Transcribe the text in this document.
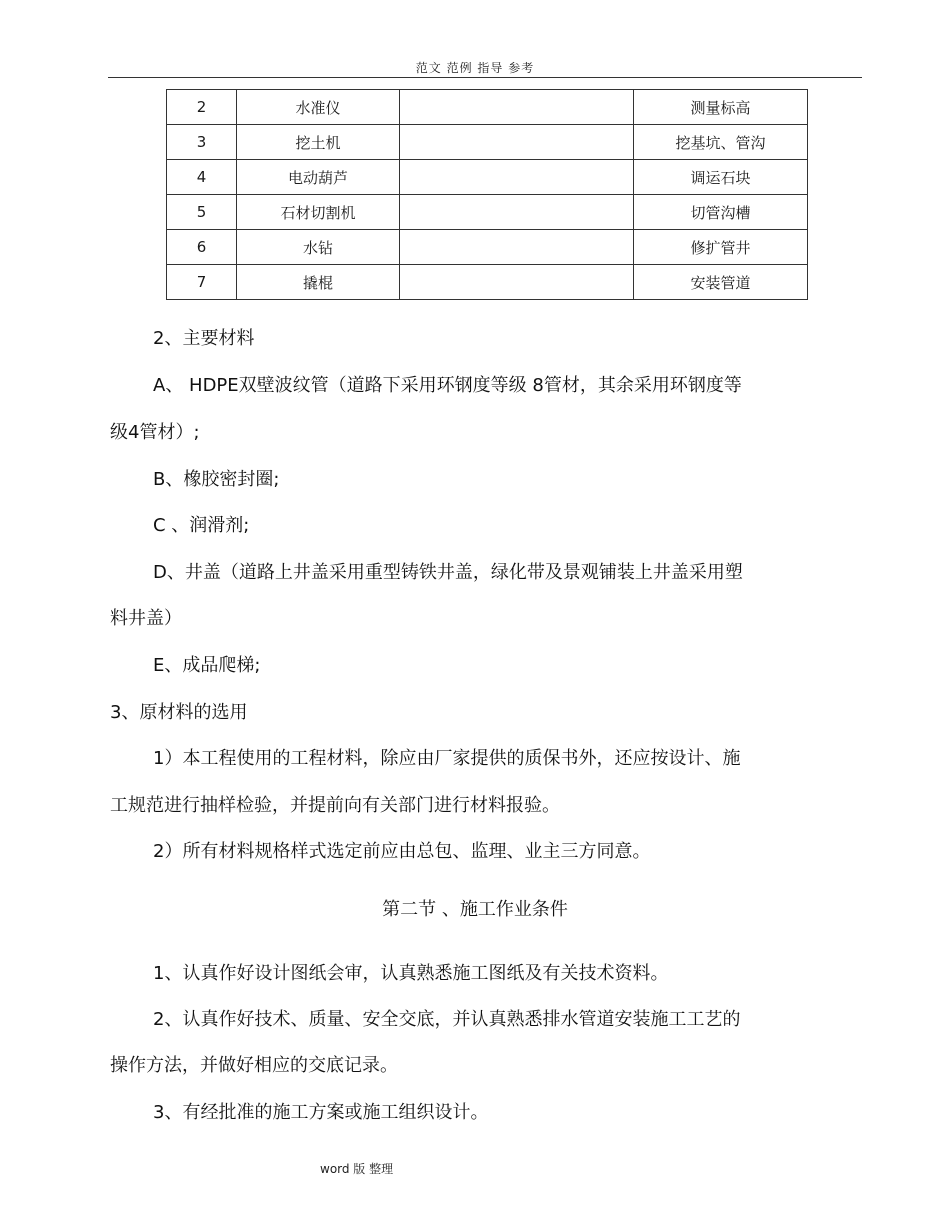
范文 范例 指导 参考
2	水准仪		测量标高
3	挖土机		挖基坑、管沟
4	电动葫芦		调运石块
5	石材切割机		切管沟槽
6	水钻		修扩管井
7	撬棍		安装管道
2、主要材料
A、 HDPE双壁波纹管（道路下采用环钢度等级 8管材，其余采用环钢度等
级4管材）;
B、橡胶密封圈;
C 、润滑剂;
D、井盖（道路上井盖采用重型铸铁井盖，绿化带及景观铺装上井盖采用塑
料井盖）
E、成品爬梯;
3、原材料的选用
1）本工程使用的工程材料，除应由厂家提供的质保书外，还应按设计、施
工规范进行抽样检验，并提前向有关部门进行材料报验。
2）所有材料规格样式选定前应由总包、监理、业主三方同意。
第二节 、施工作业条件
1、认真作好设计图纸会审，认真熟悉施工图纸及有关技术资料。
2、认真作好技术、质量、安全交底，并认真熟悉排水管道安装施工工艺的
操作方法，并做好相应的交底记录。
3、有经批准的施工方案或施工组织设计。
word 版 整理
